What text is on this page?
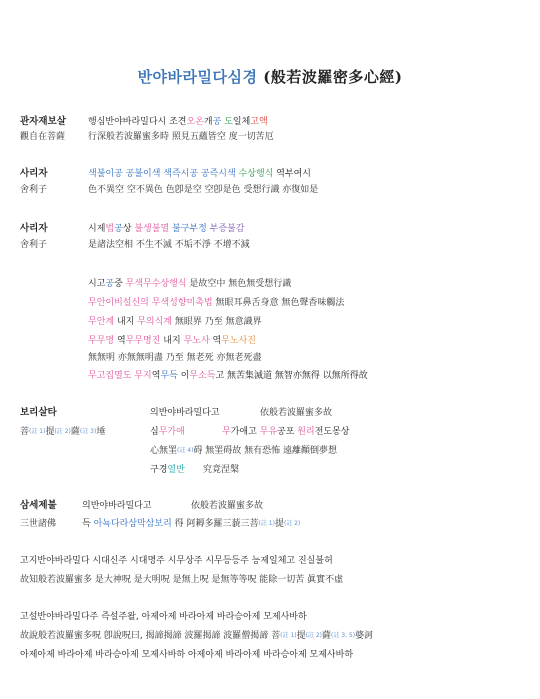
반야바라밀다심경 (般若波羅密多心經)
관자재보살 행심반야바라밀다시 조견오온개공 도일체고액
觀自在菩薩	行深般若波羅蜜多時 照見五蘊皆空 度一切苦厄
사리자	색불이공 공불이색 색즉시공 공즉시색 수상행식 역부여시
舍利子	色不異空 空不異色 色卽是空 空卽是色 受想行識 亦復如是
사리자	시제법공상 불생불멸 불구부정 부증불감
舍利子	是諸法空相 不生不滅 不垢不淨 不增不減
시고공중 무색무수상행식 是故空中 無色無受想行識
무안이비설신의 무색성향미촉법 無眼耳鼻舌身意 無色聲香味觸法
무안계 내지 무의식계 無眼界 乃至 無意識界
무무명 역무무명진 내지 무노사 역무노사진
無無明 亦無無明盡 乃至 無老死 亦無老死盡
무고집멸도 무지역무득 이무소득고 無苦集滅道 無智亦無得 以無所得故
보리살타	의반야바라밀다고	依般若波羅蜜多故
菩(註 1)提(註 2)薩(註 3)埵	심무가애	무가애고 무유공포 원리전도몽상
心無罣(註 4)碍 無罣碍故 無有恐怖 遠離顚倒夢想
구경열반 究竟涅槃
삼세제불	의반야바라밀다고	依般若波羅蜜多故
三世諸佛	득 아뇩다라삼막삼보리 得 阿耨多羅三藐三菩(註 1)提(註 2)
고지반야바라밀다 시대신주 시대명주 시무상주 시무등등주 능제일체고 진실불허
故知般若波羅蜜多 是大神呪 是大明呪 是無上呪 是無等等呪 能除一切苦 眞實不虛
고설반야바라밀다주 즉설주왈, 아제아제 바라아제 바라승아제 모제사바하
故說般若波羅蜜多呪 卽說呪曰, 揭諦揭諦 波羅揭諦 波羅僧揭諦 菩(註 1)提(註 2)薩(註 3, 5)婆訶
아제아제 바라아제 바라승아제 모제사바하 아제아제 바라아제 바라승아제 모제사바하
